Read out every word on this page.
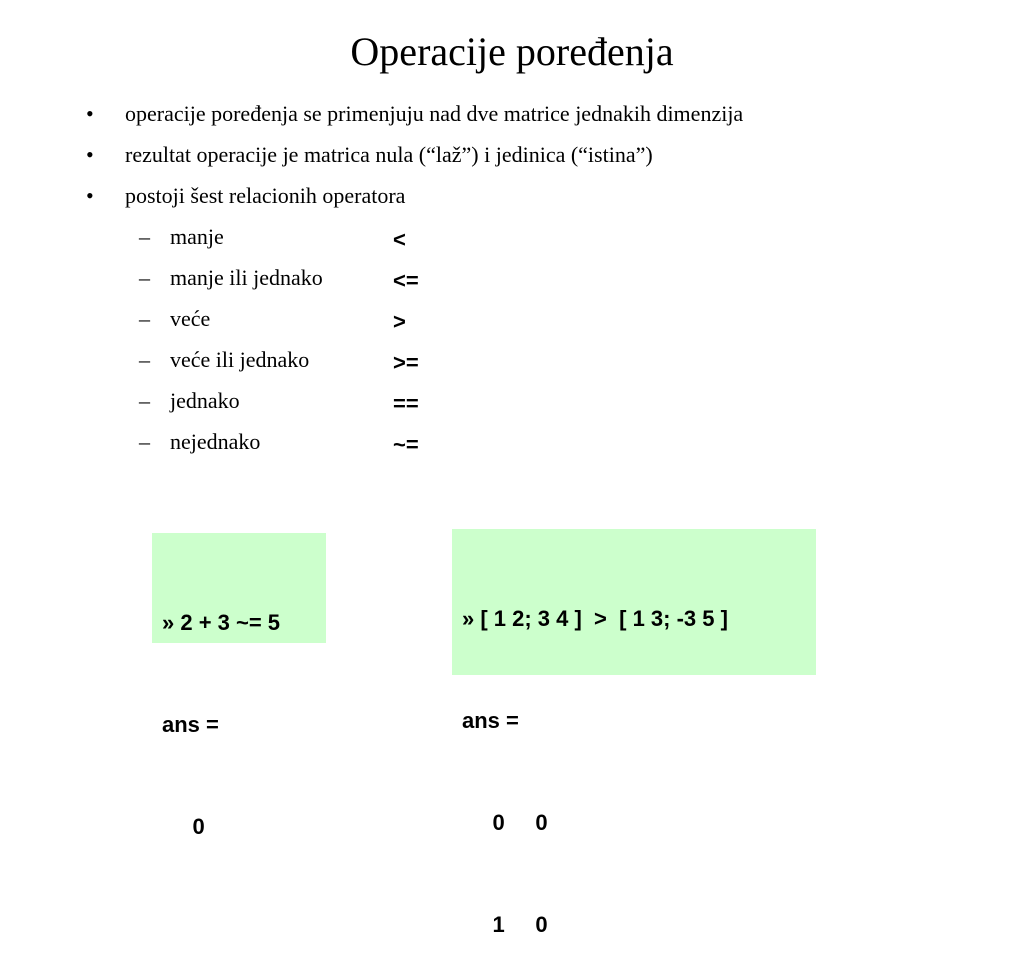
Operacije poređenja
• operacije poređenja se primenjuju nad dve matrice jednakih dimenzija
• rezultat operacije je matrica nula (“laž”) i jedinica (“istina”)
• postoji šest relacionih operatora
– manje	<
– manje ili jednako	<=
– veće	>
– veće ili jednako	>=
– jednako	==
– nejednako	~=

» 2 + 3 ~= 5

ans =

0

» [ 1 2; 3 4 ]  >  [ 1 3; -3 5 ]

ans =

0     0

1     0
